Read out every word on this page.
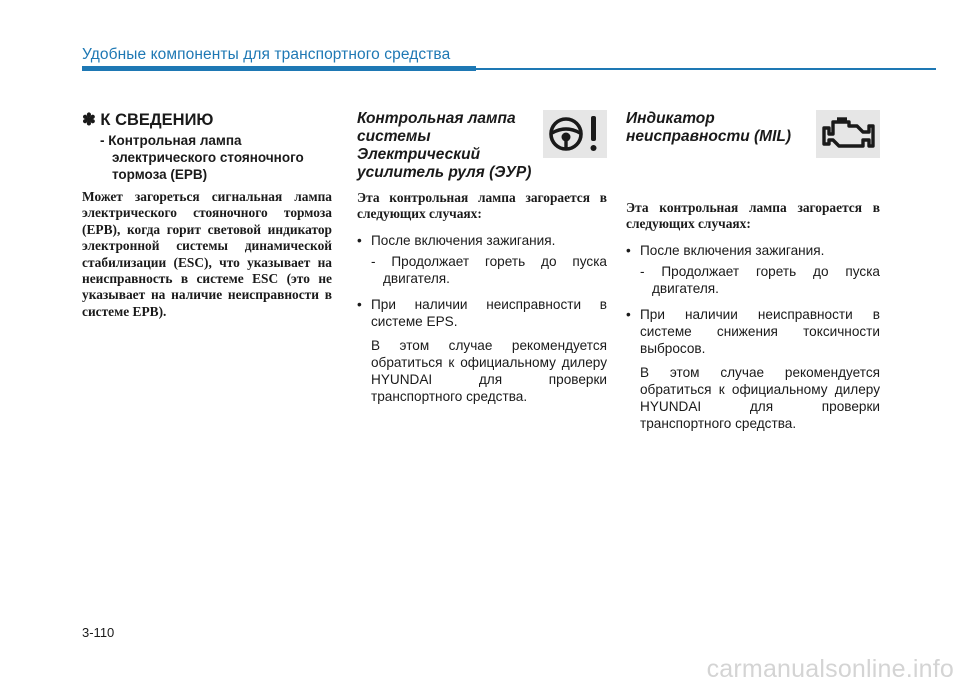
Удобные компоненты для транспортного средства

✽ К СВЕДЕНИЮ

- Контрольная лампа электрического стояночного тормоза (EPB)

Может загореться сигнальная лампа электрического стояночного тормоза (EPB), когда горит световой индикатор электронной системы динамической стабилизации (ESC), что указывает на неисправность в системе ESC (это не указывает на наличие неисправности в системе EPB).

Контрольная лампа
системы
Электрический
усилитель руля (ЭУР)

Эта контрольная лампа загорается в следующих случаях:

• После включения зажигания.
- Продолжает гореть до пуска двигателя.
• При наличии неисправности в системе EPS.
В этом случае рекомендуется обратиться к официальному дилеру HYUNDAI для проверки транспортного средства.

Индикатор
неисправности (MIL)

Эта контрольная лампа загорается в следующих случаях:

• После включения зажигания.
- Продолжает гореть до пуска двигателя.
• При наличии неисправности в системе снижения токсичности выбросов.
В этом случае рекомендуется обратиться к официальному дилеру HYUNDAI для проверки транспортного средства.
3-110
carmanualsonline.info
